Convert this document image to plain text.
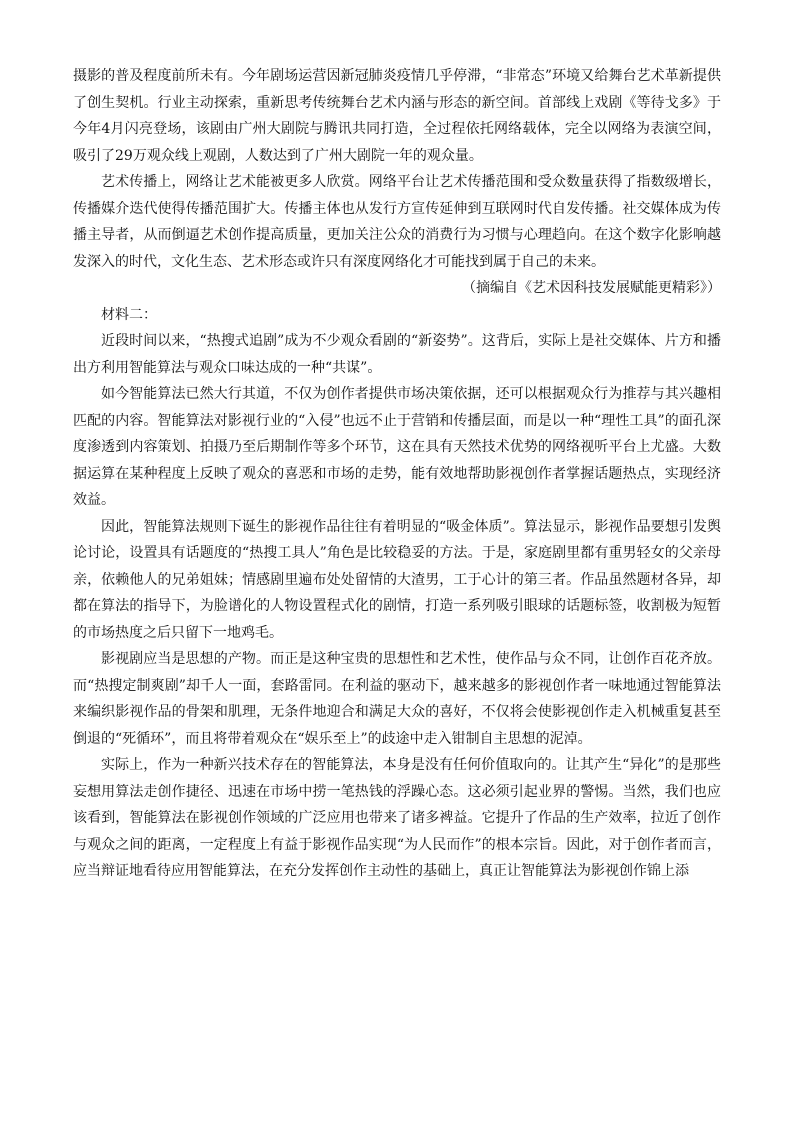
摄影的普及程度前所未有。今年剧场运营因新冠肺炎疫情几乎停滞，“非常态”环境又给舞台艺术革新提供了创生契机。行业主动探索，重新思考传统舞台艺术内涵与形态的新空间。首部线上戏剧《等待戈多》于今年4月闪亮登场，该剧由广州大剧院与腾讯共同打造，全过程依托网络载体，完全以网络为表演空间，吸引了29万观众线上观剧，人数达到了广州大剧院一年的观众量。

艺术传播上，网络让艺术能被更多人欣赏。网络平台让艺术传播范围和受众数量获得了指数级增长，传播媒介迭代使得传播范围扩大。传播主体也从发行方宣传延伸到互联网时代自发传播。社交媒体成为传播主导者，从而倒逼艺术创作提高质量，更加关注公众的消费行为习惯与心理趋向。在这个数字化影响越发深入的时代，文化生态、艺术形态或许只有深度网络化才可能找到属于自己的未来。

（摘编自《艺术因科技发展赋能更精彩》）

材料二：

近段时间以来，“热搜式追剧”成为不少观众看剧的“新姿势”。这背后，实际上是社交媒体、片方和播出方利用智能算法与观众口味达成的一种“共谋”。

如今智能算法已然大行其道，不仅为创作者提供市场决策依据，还可以根据观众行为推荐与其兴趣相匹配的内容。智能算法对影视行业的“入侵”也远不止于营销和传播层面，而是以一种“理性工具”的面孔深度渗透到内容策划、拍摄乃至后期制作等多个环节，这在具有天然技术优势的网络视听平台上尤盛。大数据运算在某种程度上反映了观众的喜恶和市场的走势，能有效地帮助影视创作者掌握话题热点，实现经济效益。

因此，智能算法规则下诞生的影视作品往往有着明显的“吸金体质”。算法显示，影视作品要想引发舆论讨论，设置具有话题度的“热搜工具人”角色是比较稳妥的方法。于是，家庭剧里都有重男轻女的父亲母亲，依赖他人的兄弟姐妹；情感剧里遍布处处留情的大渣男，工于心计的第三者。作品虽然题材各异，却都在算法的指导下，为脸谱化的人物设置程式化的剧情，打造一系列吸引眼球的话题标签，收割极为短暂的市场热度之后只留下一地鸡毛。

影视剧应当是思想的产物。而正是这种宝贵的思想性和艺术性，使作品与众不同，让创作百花齐放。而“热搜定制爽剧”却千人一面，套路雷同。在利益的驱动下，越来越多的影视创作者一味地通过智能算法来编织影视作品的骨架和肌理，无条件地迎合和满足大众的喜好，不仅将会使影视创作走入机械重复甚至倒退的“死循环”，而且将带着观众在“娱乐至上”的歧途中走入钳制自主思想的泥淖。

实际上，作为一种新兴技术存在的智能算法，本身是没有任何价值取向的。让其产生“异化”的是那些妄想用算法走创作捷径、迅速在市场中捞一笔热钱的浮躁心态。这必须引起业界的警惕。当然，我们也应该看到，智能算法在影视创作领域的广泛应用也带来了诸多裨益。它提升了作品的生产效率，拉近了创作与观众之间的距离，一定程度上有益于影视作品实现“为人民而作”的根本宗旨。因此，对于创作者而言，应当辩证地看待应用智能算法，在充分发挥创作主动性的基础上，真正让智能算法为影视创作锦上添
